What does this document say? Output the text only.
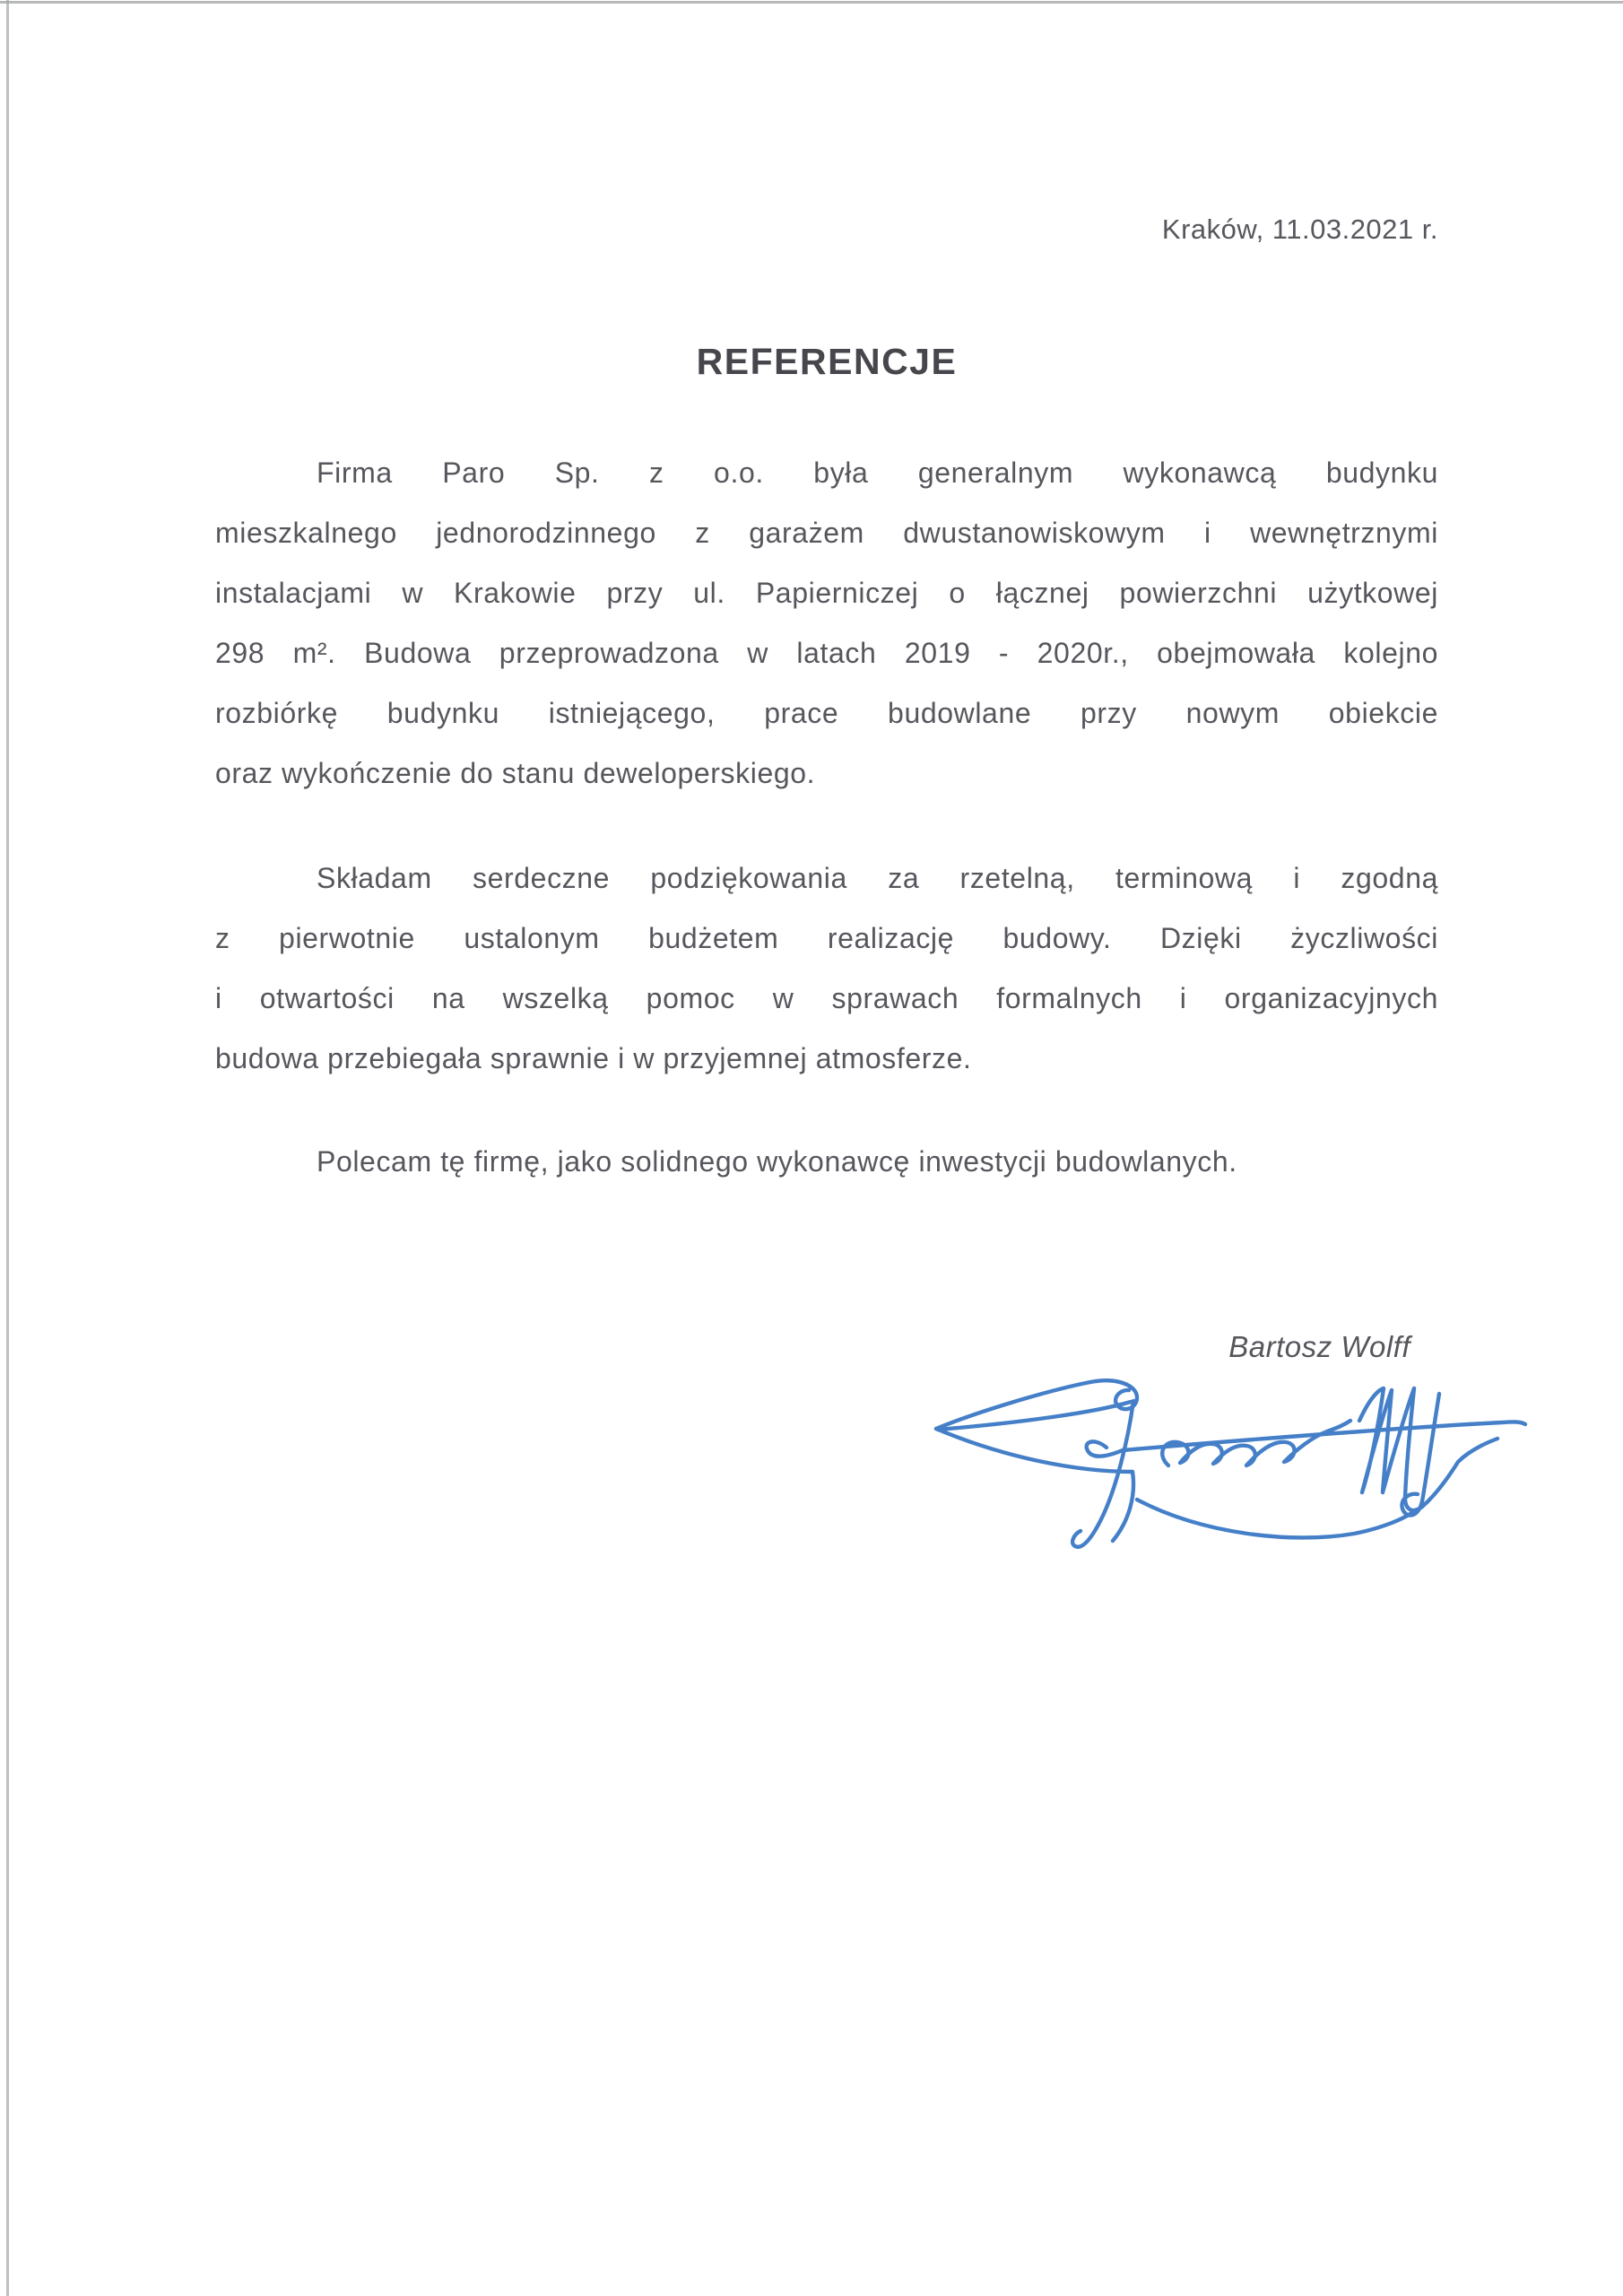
Kraków, 11.03.2021 r.
REFERENCJE
Firma Paro Sp. z o.o. była generalnym wykonawcą budynku
mieszkalnego jednorodzinnego z garażem dwustanowiskowym i wewnętrznymi
instalacjami w Krakowie przy ul. Papierniczej o łącznej powierzchni użytkowej
298 m². Budowa przeprowadzona w latach 2019 - 2020r., obejmowała kolejno
rozbiórkę budynku istniejącego, prace budowlane przy nowym obiekcie
oraz wykończenie do stanu deweloperskiego.
Składam serdeczne podziękowania za rzetelną, terminową i zgodną
z pierwotnie ustalonym budżetem realizację budowy. Dzięki życzliwości
i otwartości na wszelką pomoc w sprawach formalnych i organizacyjnych
budowa przebiegała sprawnie i w przyjemnej atmosferze.
Polecam tę firmę, jako solidnego wykonawcę inwestycji budowlanych.
Bartosz Wolff
